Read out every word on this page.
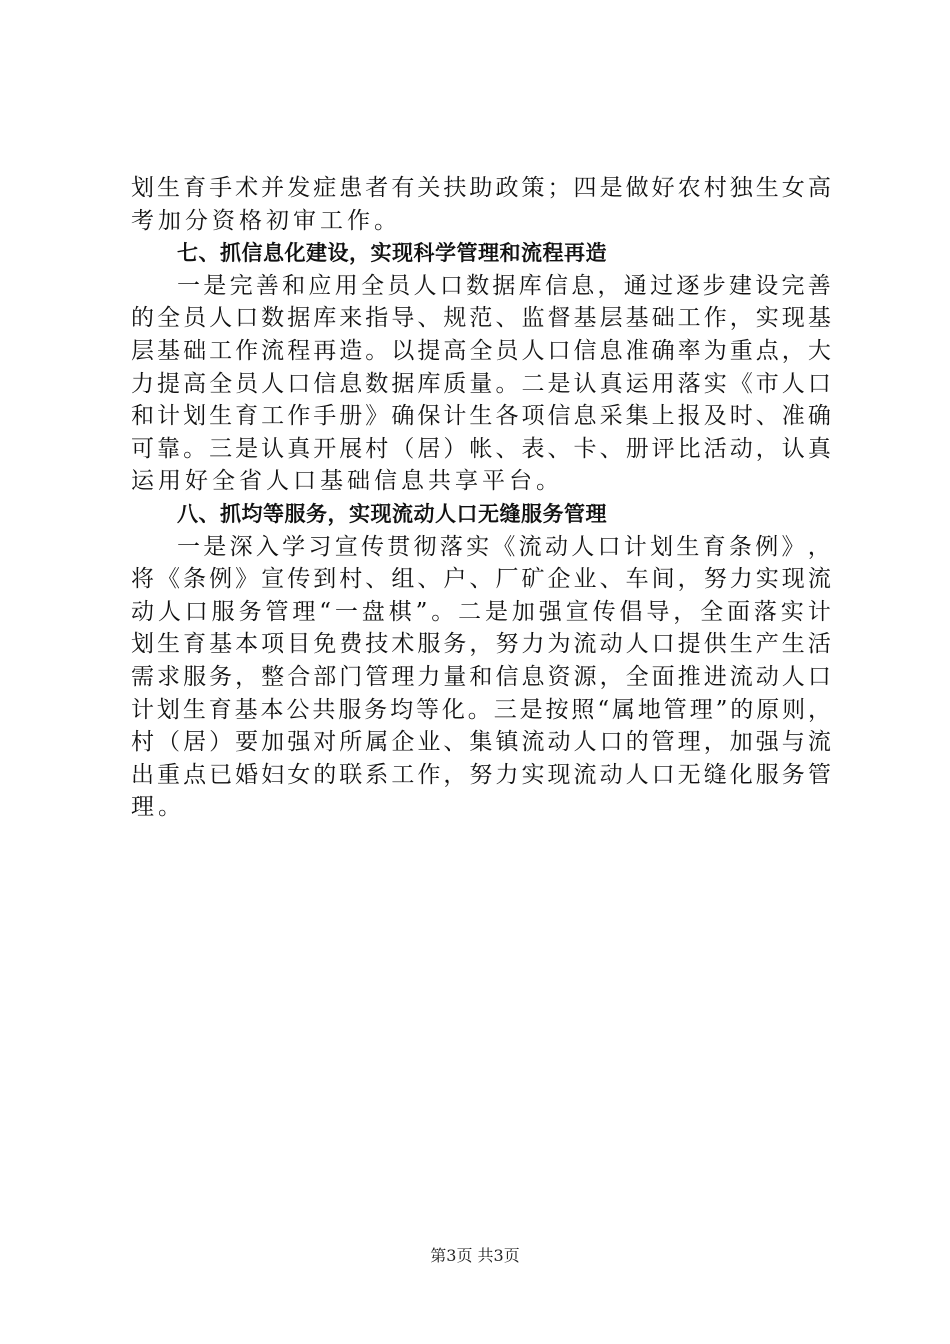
划 生 育 手 术 并 发 症 患 者 有 关 扶 助 政 策 ； 四 是 做 好 农 村 独 生 女 高
考 加 分 资 格 初 审 工 作 。
七、抓信息化建设，实现科学管理和流程再造
一 是 完 善 和 应 用 全 员 人 口 数 据 库 信 息 ， 通 过 逐 步 建 设 完 善
的 全 员 人 口 数 据 库 来 指 导 、 规 范 、 监 督 基 层 基 础 工 作 ， 实 现 基
层 基 础 工 作 流 程 再 造 。 以 提 高 全 员 人 口 信 息 准 确 率 为 重 点 ， 大
力 提 高 全 员 人 口 信 息 数 据 库 质 量 。 二 是 认 真 运 用 落 实 《 市 人 口
和 计 划 生 育 工 作 手 册 》 确 保 计 生 各 项 信 息 采 集 上 报 及 时 、 准 确
可 靠 。 三 是 认 真 开 展 村 （ 居 ） 帐 、 表 、 卡 、 册 评 比 活 动 ， 认 真
运 用 好 全 省 人 口 基 础 信 息 共 享 平 台 。
八、抓均等服务，实现流动人口无缝服务管理
一 是 深 入 学 习 宣 传 贯 彻 落 实 《 流 动 人 口 计 划 生 育 条 例 》 ，
将 《 条 例 》 宣 传 到 村 、 组 、 户 、 厂 矿 企 业 、 车 间 ， 努 力 实 现 流
动 人 口 服 务 管 理 “ 一 盘 棋 ” 。 二 是 加 强 宣 传 倡 导 ， 全 面 落 实 计
划 生 育 基 本 项 目 免 费 技 术 服 务 ， 努 力 为 流 动 人 口 提 供 生 产 生 活
需 求 服 务 ， 整 合 部 门 管 理 力 量 和 信 息 资 源 ， 全 面 推 进 流 动 人 口
计 划 生 育 基 本 公 共 服 务 均 等 化 。 三 是 按 照 “ 属 地 管 理 ” 的 原 则 ，
村 （ 居 ） 要 加 强 对 所 属 企 业 、 集 镇 流 动 人 口 的 管 理 ， 加 强 与 流
出 重 点 已 婚 妇 女 的 联 系 工 作 ， 努 力 实 现 流 动 人 口 无 缝 化 服 务 管
理 。
第3页 共3页
